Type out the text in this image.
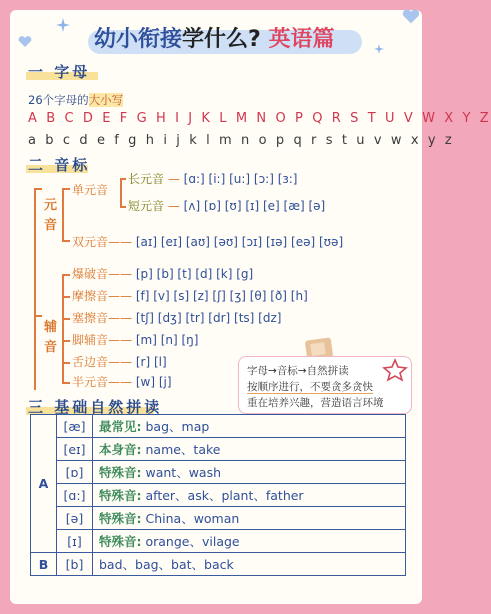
幼小衔接学什么? 英语篇
一 字母
26个字母的大小写
A B C D E F G H I J K L M N O P Q R S T U V W X Y Z
a b c d e f g h i j k l m n o p q r s t u v w x y z
二 音标
元
音
单元音
长元音 — [ɑ:] [i:] [u:] [ɔ:] [ɜ:]
短元音 — [ʌ] [ɒ] [ʊ] [ɪ] [e] [æ] [ə]
双元音—— [aɪ] [eɪ] [aʊ] [əʊ] [ɔɪ] [ɪə] [eə] [ʊə]
辅
音
爆破音—— [p] [b] [t] [d] [k] [g]
摩擦音—— [f] [v] [s] [z] [ʃ] [ʒ] [θ] [ð] [h]
塞擦音—— [tʃ] [dʒ] [tr] [dr] [ts] [dz]
脚辅音—— [m] [n] [ŋ]
舌边音—— [r] [l]
半元音—— [w] [j]
字母→音标→自然拼读
按顺序进行，不要贪多贪快
重在培养兴趣，营造语言环境
三 基础自然拼读
A	[æ]	最常见: bag、map
	[eɪ]	本身音: name、take
	[ɒ]	特殊音: want、wash
	[ɑ:]	特殊音: after、ask、plant、father
	[ə]	特殊音: China、woman
	[ɪ]	特殊音: orange、vilage
B	[b]	bad、bag、bat、back
